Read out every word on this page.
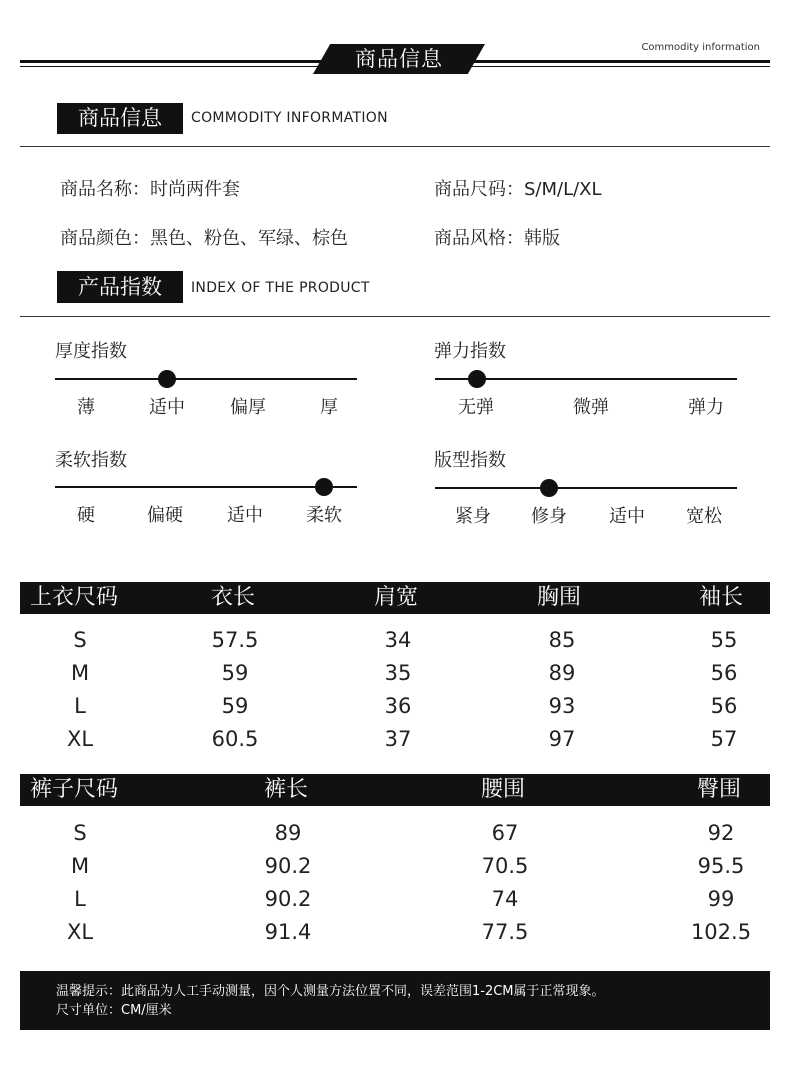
商品信息	Commodity information
商品信息	COMMODITY INFORMATION
商品名称：时尚两件套	商品尺码：S/M/L/XL
商品颜色：黑色、粉色、军绿、棕色	商品风格：韩版
产品指数	INDEX OF THE PRODUCT
厚度指数
薄	适中	偏厚	厚
弹力指数
无弹	微弹	弹力
柔软指数
硬	偏硬	适中	柔软
版型指数
紧身	修身	适中	宽松
上衣尺码	衣长	肩宽	胸围	袖长
S	57.5	34	85	55
M	59	35	89	56
L	59	36	93	56
XL	60.5	37	97	57
裤子尺码	裤长	腰围	臀围
S	89	67	92
M	90.2	70.5	95.5
L	90.2	74	99
XL	91.4	77.5	102.5
温馨提示：此商品为人工手动测量，因个人测量方法位置不同，误差范围1-2CM属于正常现象。
尺寸单位：CM/厘米
